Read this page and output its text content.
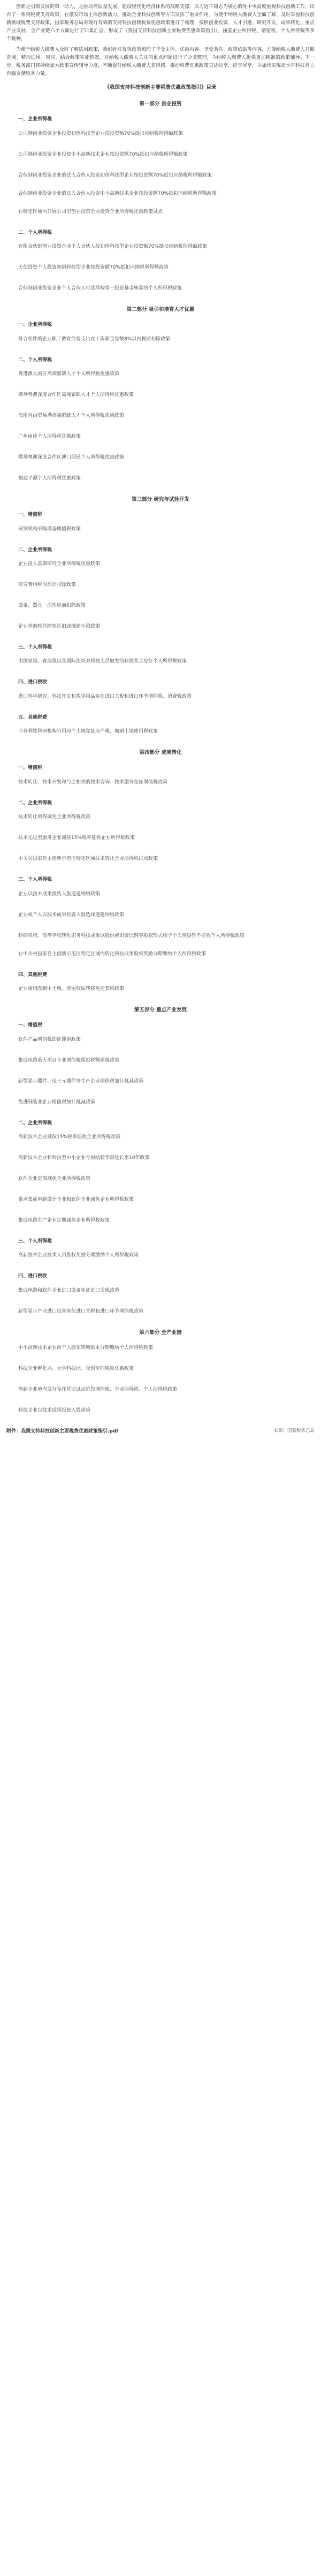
创新是引领发展的第一动力，是推动高质量发展、建设现代化经济体系的战略支撑。以习近平同志为核心的党中央高度重视科技创新工作，出台了一系列税费支持政策，在激发市场主体创新活力、推动企业科技创新等方面发挥了重要作用。为便于纳税人缴费人全面了解、及时掌握科技创新领域税费支持政策，国家税务总局对现行有效的支持科技创新税费优惠政策进行了梳理，按照创业投资、人才引进、研究开发、成果转化、重点产业发展、全产业链六个方面进行了归集汇总，形成了《我国支持科技创新主要税费优惠政策指引》，涵盖企业所得税、增值税、个人所得税等多个税种。

为便于纳税人缴费人及时了解适用政策，我们针对每项政策梳理了享受主体、优惠内容、享受条件、政策依据等内容，方便纳税人缴费人对照查阅、精准适用。同时，结合政策实施情况，对纳税人缴费人关注的重点问题进行了分类整理，为纳税人缴费人提供更加精准的政策辅导。下一步，税务部门将持续加大政策宣传辅导力度，不断提升纳税人缴费人获得感，推动税费优惠政策直达快享、应享尽享，为加快实现高水平科技自立自强贡献税务力量。

《我国支持科技创新主要税费优惠政策指引》目录
第一部分 创业投资
一、企业所得税
公司制创业投资企业投资初创科技型企业按投资额70%抵扣应纳税所得额政策
公司制创业投资企业投资中小高新技术企业按投资额70%抵扣应纳税所得额政策
合伙制创业投资企业的法人合伙人投资初创科技型企业按投资额70%抵扣应纳税所得额政策
合伙制创业投资企业的法人合伙人投资中小高新技术企业按投资额70%抵扣应纳税所得额政策
在特定区域内开展公司型创业投资企业投资企业所得税优惠政策试点
二、个人所得税
有限合伙制创业投资企业个人合伙人按初创科技型企业投资额70%抵扣应纳税所得额政策
天使投资个人投资初创科技型企业按投资额70%抵扣应纳税所得额政策
合伙制创业投资企业个人合伙人可选择按单一投资基金核算的个人所得税政策
第二部分 吸引和培育人才优惠
一、企业所得税
符合条件的企业职工教育经费支出在工资薪金总额8%以内税前扣除政策
二、个人所得税
粤港澳大湾区高端紧缺人才个人所得税优惠政策
横琴粤澳深度合作区高端紧缺人才个人所得税优惠政策
海南自由贸易港高端紧缺人才个人所得税优惠政策
广州南沙个人所得税优惠政策
横琴粤澳深度合作区澳门居民个人所得税优惠政策
福建平潭个人所得税优惠政策
第三部分 研究与试验开发
一、增值税
研发机构采购设备增值税政策
二、企业所得税
企业投入基础研究企业所得税优惠政策
研发费用税前加计扣除政策
设备、器具一次性税前扣除政策
企业外购软件缩短折旧或摊销年限政策
三、个人所得税
由国家级、省部级以及国际组织对科技人员颁发的科技奖金免征个人所得税政策
四、进口税收
进口科学研究、科技开发和教学用品免征进口关税和进口环节增值税、消费税政策
五、其他税费
非营利性科研机构自用房产土地免征房产税、城镇土地使用税政策
第四部分 成果转化
一、增值税
技术转让、技术开发和与之相关的技术咨询、技术服务免征增值税政策
二、企业所得税
技术转让所得减免企业所得税政策
技术先进型服务企业减按15%税率征收企业所得税政策
中关村国家自主创新示范区特定区域技术转让企业所得税试点政策
三、个人所得税
企业以技术成果投资入股递延纳税政策
企业或个人以技术成果投资入股选择递延纳税政策
科研机构、高等学校转化职务科技成果以股份或出资比例等股权形式给予个人奖励暂不征收个人所得税政策
在中关村国家自主创新示范区特定区域内转化科技成果股权奖励分期缴纳个人所得税政策
四、其他税费
企业重组改制中土地、房屋权属转移免征契税政策
第五部分 重点产业发展
一、增值税
软件产品增值税即征即退政策
集成电路重大项目企业增值税留抵税额退税政策
新型显示器件、电子元器件等生产企业增值税加计抵减政策
先进制造业企业增值税加计抵减政策
二、企业所得税
高新技术企业减按15%税率征收企业所得税政策
高新技术企业和科技型中小企业亏损结转年限延长至10年政策
软件企业定期减免企业所得税政策
重点集成电路设计企业和软件企业减免企业所得税政策
集成电路生产企业定期减免企业所得税政策
三、个人所得税
高新技术企业技术人员股权奖励分期缴纳个人所得税政策
四、进口税收
集成电路和软件企业进口设备免征进口关税政策
新型显示产业进口设备免征进口关税和进口环节增值税政策
第六部分 全产业链
中小高新技术企业向个人股东转增股本分期缴纳个人所得税政策
科技企业孵化器、大学科技园、众创空间税收优惠政策
创新企业境内发行存托凭证试点阶段增值税、企业所得税、个人所得税政策
科技企业以技术成果投资入股政策
附件：我国支持科技创新主要税费优惠政策指引.pdf	来源：国家税务总局
